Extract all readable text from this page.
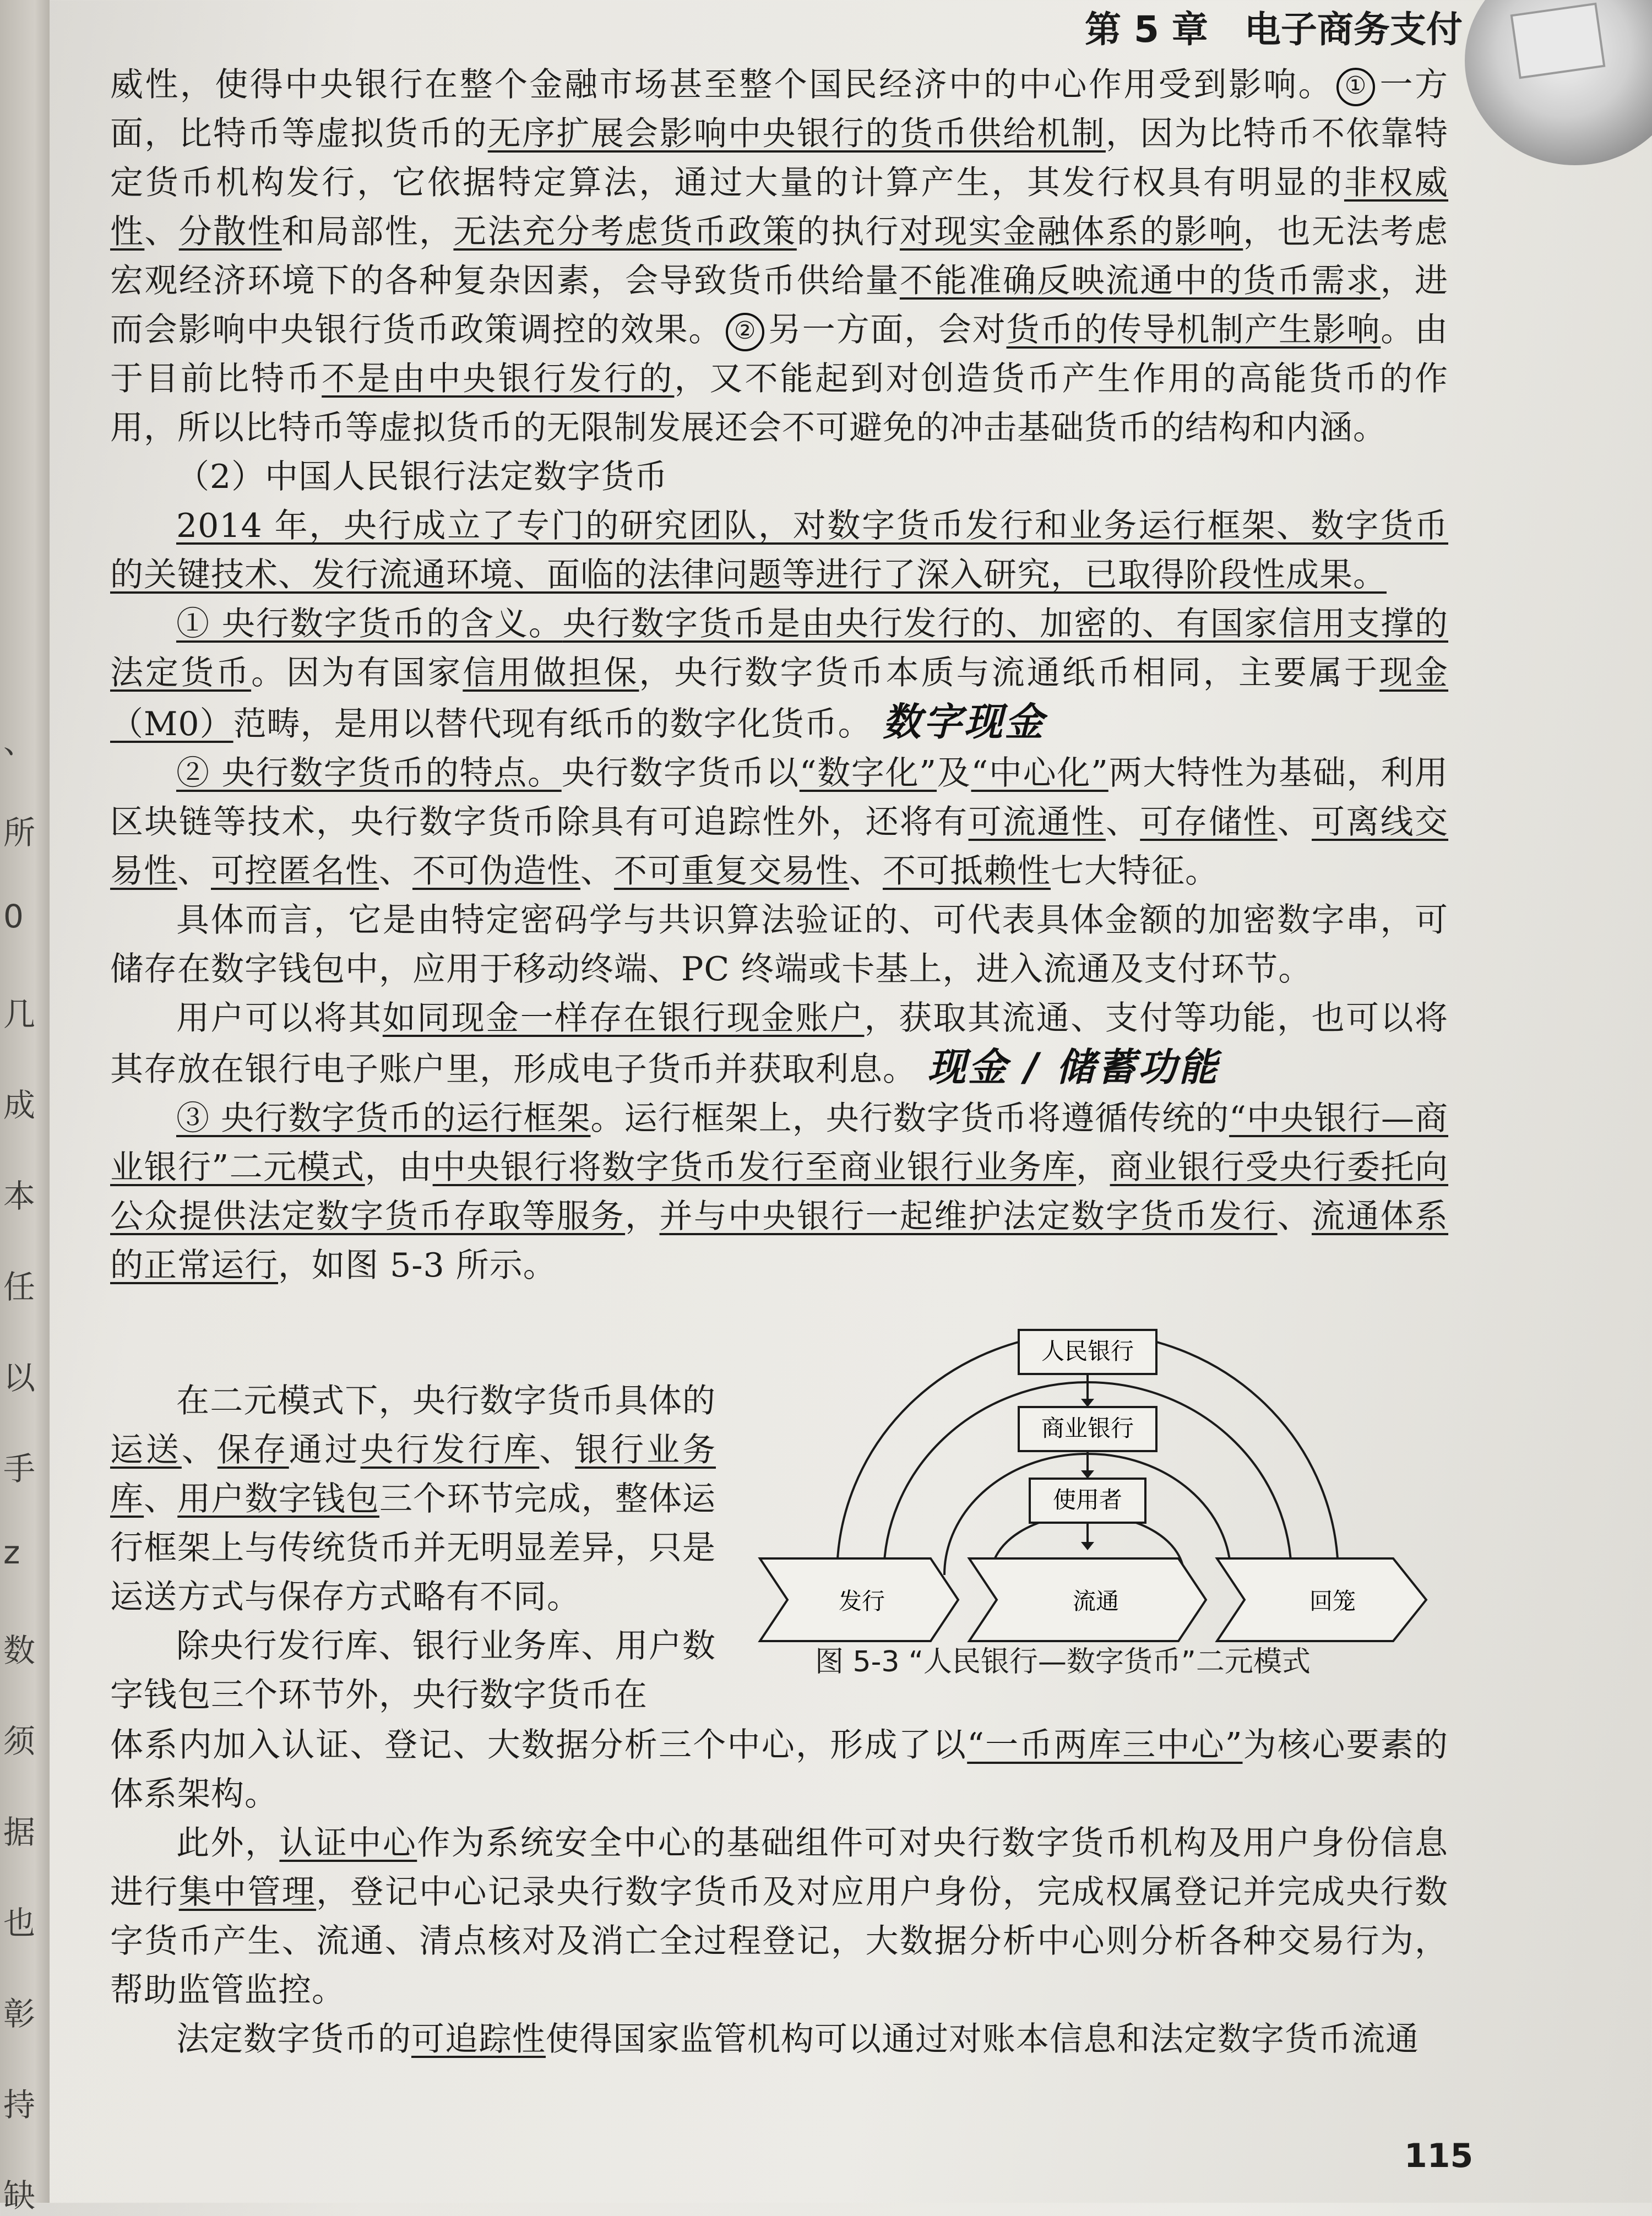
、
所
0
几
成
本
任
以
手
z
数
须
据
也
彰
持
缺
第 5 章　电子商务支付

威性，使得中央银行在整个金融市场甚至整个国民经济中的中心作用受到影响。 ① 一方面，比特币等虚拟货币的无序扩展会影响中央银行的货币供给机制，因为比特币不依靠特定货币机构发行，它依据特定算法，通过大量的计算产生，其发行权具有明显的非权威性、分散性和局部性，无法充分考虑货币政策的执行对现实金融体系的影响，也无法考虑宏观经济环境下的各种复杂因素，会导致货币供给量不能准确反映流通中的货币需求，进而会影响中央银行货币政策调控的效果。 ② 另一方面，会对货币的传导机制产生影响。由于目前比特币不是由中央银行发行的，又不能起到对创造货币产生作用的高能货币的作用，所以比特币等虚拟货币的无限制发展还会不可避免的冲击基础货币的结构和内涵。

（2）中国人民银行法定数字货币

2014 年，央行成立了专门的研究团队，对数字货币发行和业务运行框架、数字货币的关键技术、发行流通环境、面临的法律问题等进行了深入研究，已取得阶段性成果。

① 央行数字货币的含义。央行数字货币是由央行发行的、加密的、有国家信用支撑的法定货币。因为有国家信用做担保，央行数字货币本质与流通纸币相同，主要属于现金（M0）范畴，是用以替代现有纸币的数字化货币。 数字现金

② 央行数字货币的特点。央行数字货币以“数字化”及“中心化”两大特性为基础，利用区块链等技术，央行数字货币除具有可追踪性外，还将有可流通性、可存储性、可离线交易性、可控匿名性、不可伪造性、不可重复交易性、不可抵赖性七大特征。

具体而言，它是由特定密码学与共识算法验证的、可代表具体金额的加密数字串，可储存在数字钱包中，应用于移动终端、PC 终端或卡基上，进入流通及支付环节。

用户可以将其如同现金一样存在银行现金账户，获取其流通、支付等功能，也可以将其存放在银行电子账户里，形成电子货币并获取利息。 现金 / 储蓄功能

③ 央行数字货币的运行框架。运行框架上，央行数字货币将遵循传统的“中央银行—商业银行”二元模式，由中央银行将数字货币发行至商业银行业务库，商业银行受央行委托向公众提供法定数字货币存取等服务，并与中央银行一起维护法定数字货币发行、流通体系的正常运行，如图 5-3 所示。

在二元模式下，央行数字货币具体的运送、保存通过央行发行库、银行业务库、用户数字钱包三个环节完成，整体运行框架上与传统货币并无明显差异，只是运送方式与保存方式略有不同。

除央行发行库、银行业务库、用户数字钱包三个环节外，央行数字货币在

体系内加入认证、登记、大数据分析三个中心，形成了以“一币两库三中心”为核心要素的体系架构。

此外，认证中心作为系统安全中心的基础组件可对央行数字货币机构及用户身份信息进行集中管理，登记中心记录央行数字货币及对应用户身份，完成权属登记并完成央行数字货币产生、流通、清点核对及消亡全过程登记，大数据分析中心则分析各种交易行为，帮助监管监控。

法定数字货币的可追踪性使得国家监管机构可以通过对账本信息和法定数字货币流通

人民银行
商业银行
使用者
发行	流通	回笼
图 5-3 “人民银行—数字货币”二元模式
115
